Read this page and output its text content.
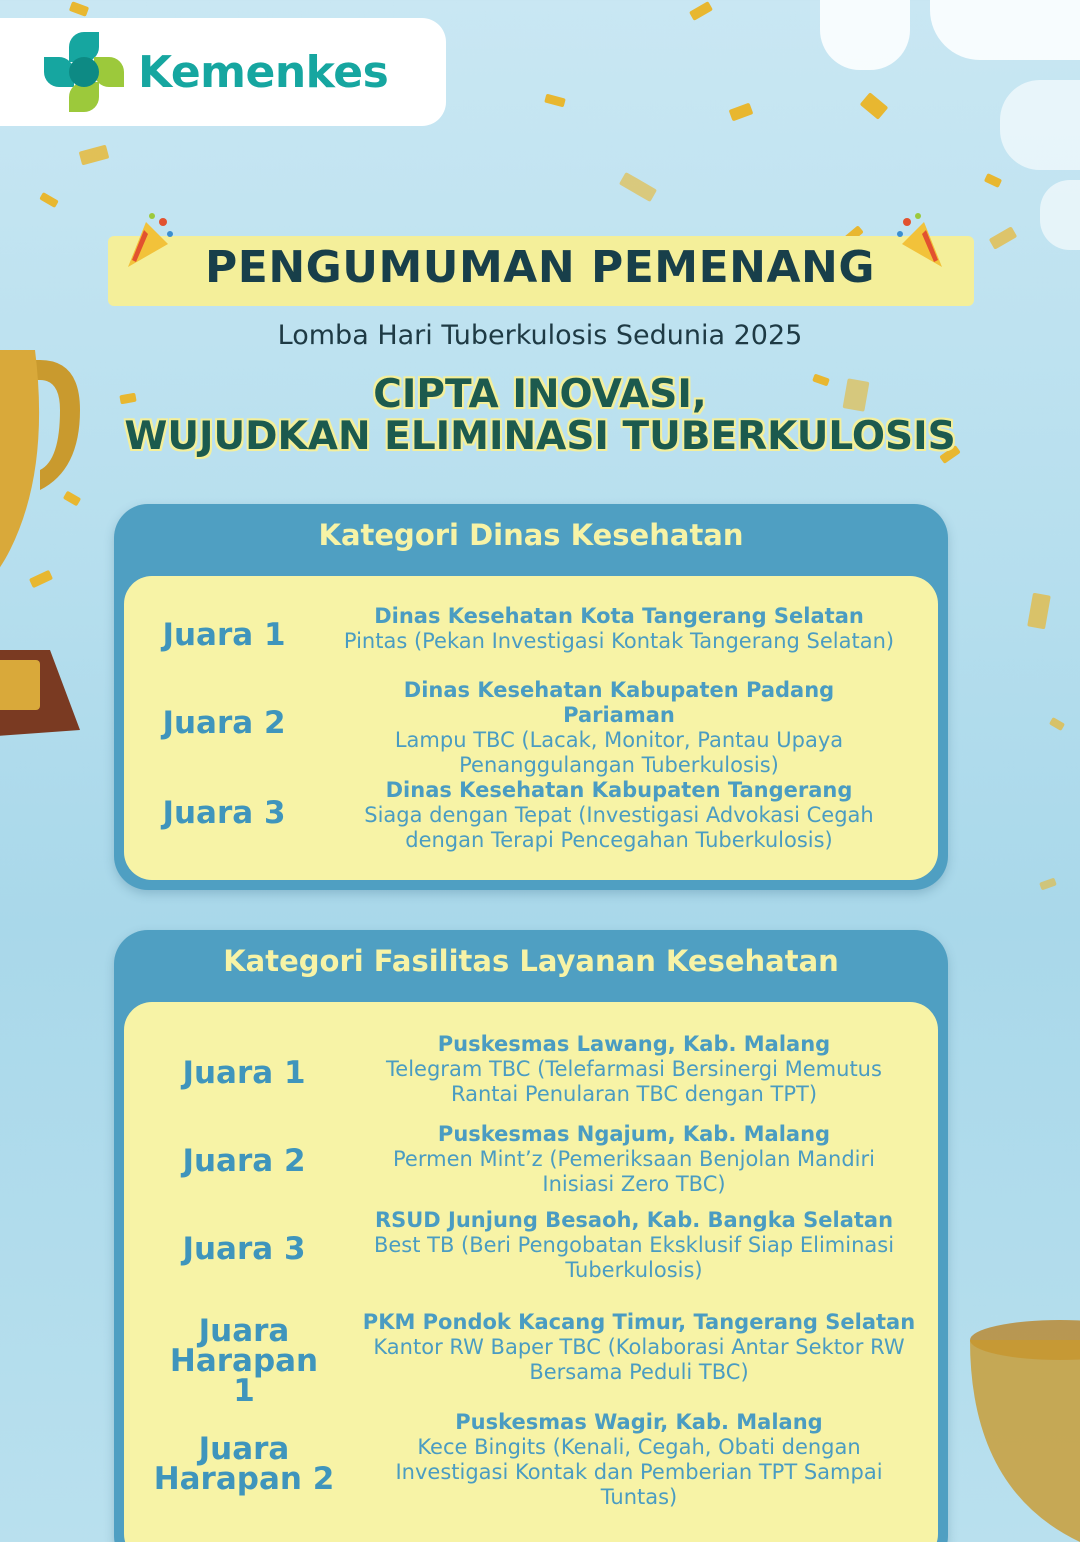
Kemenkes
PENGUMUMAN PEMENANG
Lomba Hari Tuberkulosis Sedunia 2025
CIPTA INOVASI,
WUJUDKAN ELIMINASI TUBERKULOSIS
Kategori Dinas Kesehatan
Juara 1
Dinas Kesehatan Kota Tangerang Selatan
Pintas (Pekan Investigasi Kontak Tangerang Selatan)
Juara 2
Dinas Kesehatan Kabupaten Padang Pariaman
Lampu TBC (Lacak, Monitor, Pantau Upaya Penanggulangan Tuberkulosis)
Juara 3
Dinas Kesehatan Kabupaten Tangerang
Siaga dengan Tepat (Investigasi Advokasi Cegah dengan Terapi Pencegahan Tuberkulosis)
Kategori Fasilitas Layanan Kesehatan
Juara 1
Puskesmas Lawang, Kab. Malang
Telegram TBC (Telefarmasi Bersinergi Memutus Rantai Penularan TBC dengan TPT)
Juara 2
Puskesmas Ngajum, Kab. Malang
Permen Mint’z (Pemeriksaan Benjolan Mandiri Inisiasi Zero TBC)
Juara 3
RSUD Junjung Besaoh, Kab. Bangka Selatan
Best TB (Beri Pengobatan Eksklusif Siap Eliminasi Tuberkulosis)
Juara Harapan 1
PKM Pondok Kacang Timur, Tangerang Selatan
Kantor RW Baper TBC (Kolaborasi Antar Sektor RW Bersama Peduli TBC)
Juara Harapan 2
Puskesmas Wagir, Kab. Malang
Kece Bingits (Kenali, Cegah, Obati dengan Investigasi Kontak dan Pemberian TPT Sampai Tuntas)
